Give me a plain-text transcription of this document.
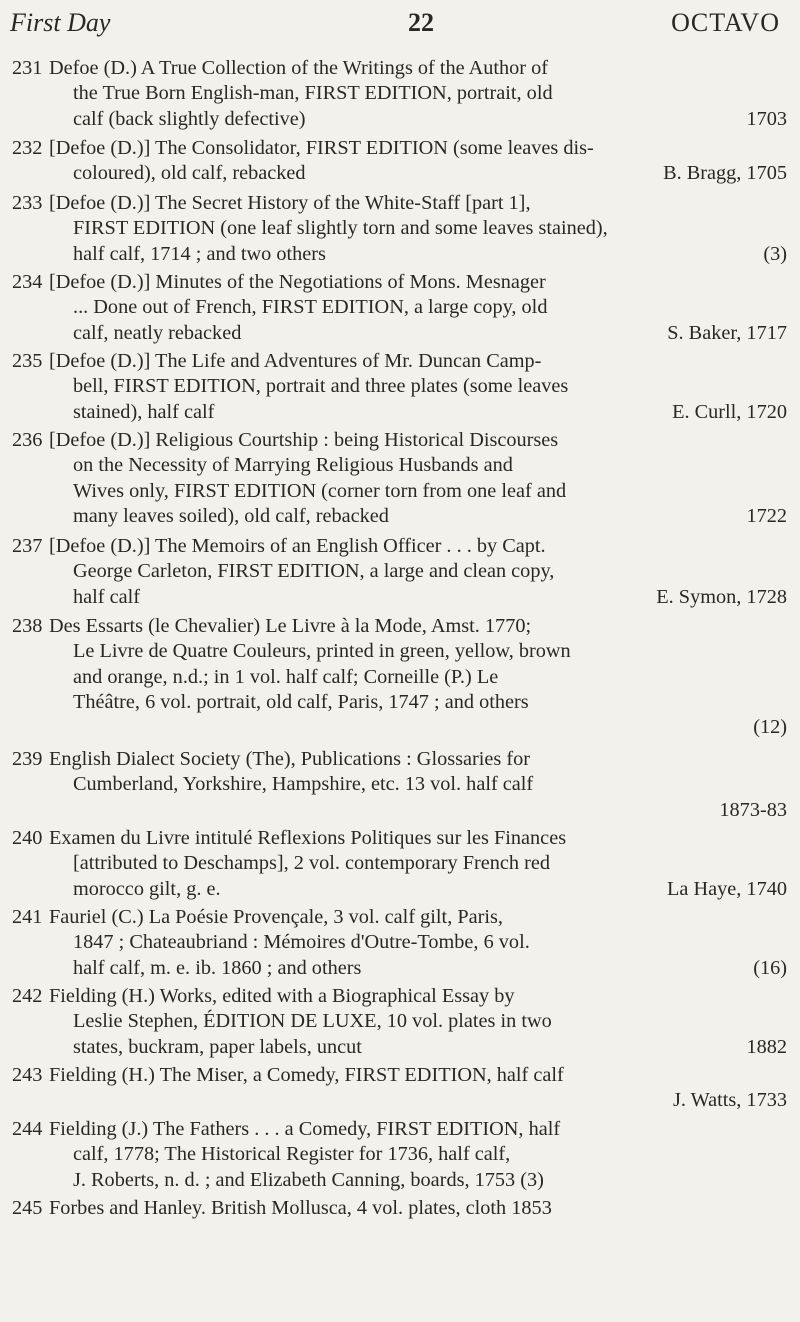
First Day	22	OCTAVO
231 Defoe (D.) A True Collection of the Writings of the Author of
the True Born English-man, FIRST EDITION, portrait, old
calf (back slightly defective)	1703
232 [Defoe (D.)] The Consolidator, FIRST EDITION (some leaves dis-
coloured), old calf, rebacked	B. Bragg, 1705
233 [Defoe (D.)] The Secret History of the White-Staff [part 1],
FIRST EDITION (one leaf slightly torn and some leaves stained),
half calf, 1714 ; and two others	(3)
234 [Defoe (D.)] Minutes of the Negotiations of Mons. Mesnager
... Done out of French, FIRST EDITION, a large copy, old
calf, neatly rebacked	S. Baker, 1717
235 [Defoe (D.)] The Life and Adventures of Mr. Duncan Camp-
bell, FIRST EDITION, portrait and three plates (some leaves
stained), half calf	E. Curll, 1720
236 [Defoe (D.)] Religious Courtship : being Historical Discourses
on the Necessity of Marrying Religious Husbands and
Wives only, FIRST EDITION (corner torn from one leaf and
many leaves soiled), old calf, rebacked	1722
237 [Defoe (D.)] The Memoirs of an English Officer . . . by Capt.
George Carleton, FIRST EDITION, a large and clean copy,
half calf	E. Symon, 1728
238 Des Essarts (le Chevalier) Le Livre à la Mode, Amst. 1770;
Le Livre de Quatre Couleurs, printed in green, yellow, brown
and orange, n.d.; in 1 vol. half calf; Corneille (P.) Le
Théâtre, 6 vol. portrait, old calf, Paris, 1747 ; and others
(12)
239 English Dialect Society (The), Publications : Glossaries for
Cumberland, Yorkshire, Hampshire, etc. 13 vol. half calf
1873-83
240 Examen du Livre intitulé Reflexions Politiques sur les Finances
[attributed to Deschamps], 2 vol. contemporary French red
morocco gilt, g. e.	La Haye, 1740
241 Fauriel (C.) La Poésie Provençale, 3 vol. calf gilt, Paris,
1847 ; Chateaubriand : Mémoires d'Outre-Tombe, 6 vol.
half calf, m. e. ib. 1860 ; and others	(16)
242 Fielding (H.) Works, edited with a Biographical Essay by
Leslie Stephen, ÉDITION DE LUXE, 10 vol. plates in two
states, buckram, paper labels, uncut	1882
243 Fielding (H.) The Miser, a Comedy, FIRST EDITION, half calf
J. Watts, 1733
244 Fielding (J.) The Fathers . . . a Comedy, FIRST EDITION, half
calf, 1778; The Historical Register for 1736, half calf,
J. Roberts, n. d. ; and Elizabeth Canning, boards, 1753 (3)
245 Forbes and Hanley. British Mollusca, 4 vol. plates, cloth 1853
